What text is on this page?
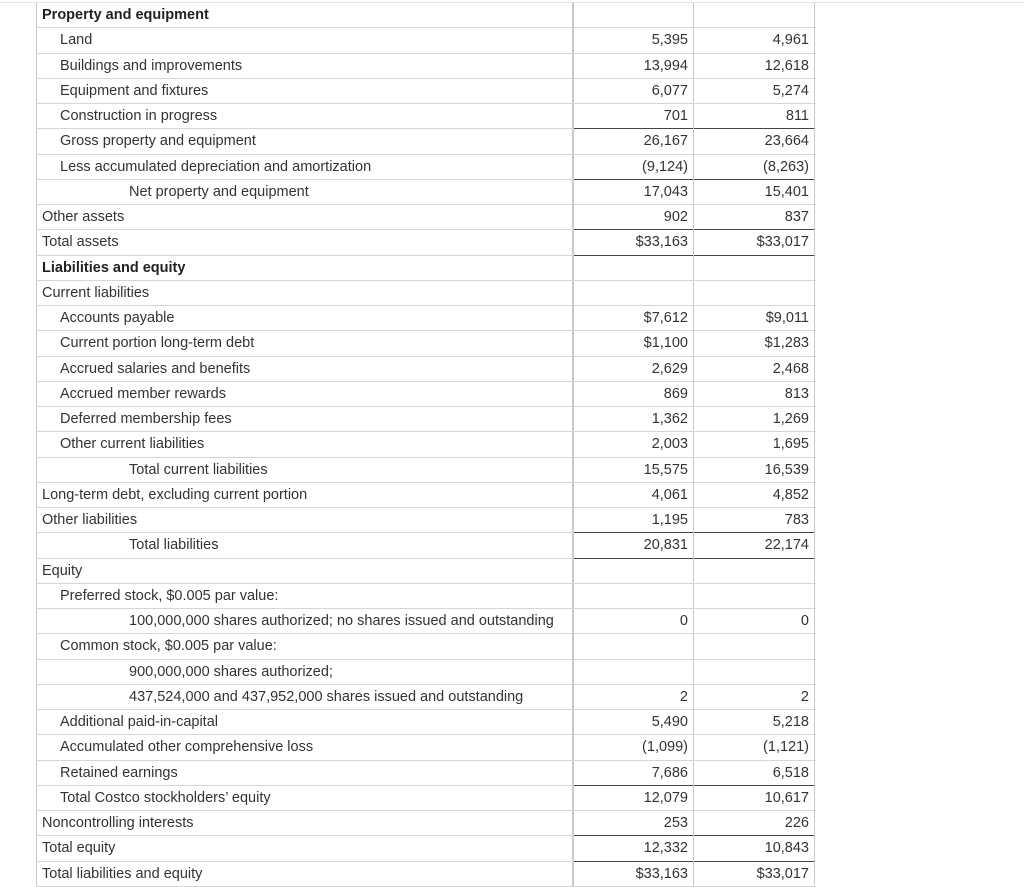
Property and equipment
Land	5,395	4,961
Buildings and improvements	13,994	12,618
Equipment and fixtures	6,077	5,274
Construction in progress	701	811
Gross property and equipment	26,167	23,664
Less accumulated depreciation and amortization	(9,124)	(8,263)
Net property and equipment	17,043	15,401
Other assets	902	837
Total assets	$33,163	$33,017
Liabilities and equity
Current liabilities
Accounts payable	$7,612	$9,011
Current portion long-term debt	$1,100	$1,283
Accrued salaries and benefits	2,629	2,468
Accrued member rewards	869	813
Deferred membership fees	1,362	1,269
Other current liabilities	2,003	1,695
Total current liabilities	15,575	16,539
Long-term debt, excluding current portion	4,061	4,852
Other liabilities	1,195	783
Total liabilities	20,831	22,174
Equity
Preferred stock, $0.005 par value:
100,000,000 shares authorized; no shares issued and outstanding	0	0
Common stock, $0.005 par value:
900,000,000 shares authorized;
437,524,000 and 437,952,000 shares issued and outstanding	2	2
Additional paid-in-capital	5,490	5,218
Accumulated other comprehensive loss	(1,099)	(1,121)
Retained earnings	7,686	6,518
Total Costco stockholders’ equity	12,079	10,617
Noncontrolling interests	253	226
Total equity	12,332	10,843
Total liabilities and equity	$33,163	$33,017
